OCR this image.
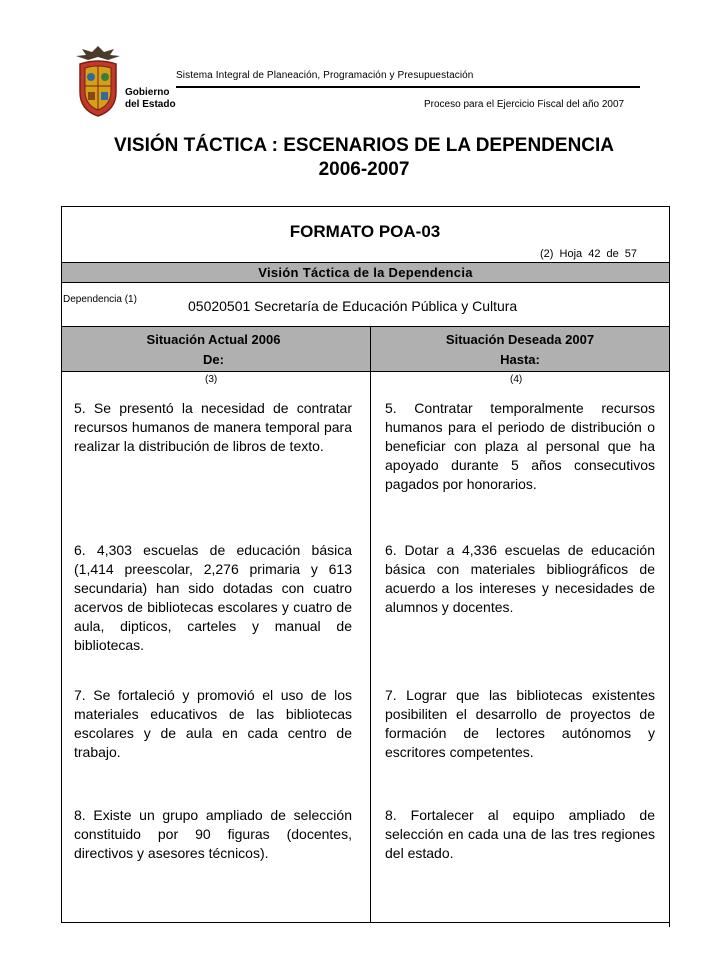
Gobierno
del Estado
Sistema Integral de Planeación, Programación y Presupuestación
Proceso para el Ejercicio Fiscal del año 2007
VISIÓN TÁCTICA : ESCENARIOS DE LA DEPENDENCIA
2006-2007
FORMATO POA-03
(2) Hoja 42 de 57
Visión Táctica de la Dependencia
Dependencia (1)	05020501 Secretaría de Educación Pública y Cultura
Situación Actual 2006
De:
Situación Deseada 2007
Hasta:
(3)	(4)
5. Se presentó la necesidad de contratar recursos humanos de manera temporal para realizar la distribución de libros de texto.
5. Contratar temporalmente recursos humanos para el periodo de distribución o beneficiar con plaza al personal que ha apoyado durante 5 años consecutivos pagados por honorarios.
6. 4,303 escuelas de educación básica (1,414 preescolar, 2,276 primaria y 613 secundaria) han sido dotadas con cuatro acervos de bibliotecas escolares y cuatro de aula, dipticos, carteles y manual de bibliotecas.
6. Dotar a 4,336 escuelas de educación básica con materiales bibliográficos de acuerdo a los intereses y necesidades de alumnos y docentes.
7. Se fortaleció y promovió el uso de los materiales educativos de las bibliotecas escolares y de aula en cada centro de trabajo.
7. Lograr que las bibliotecas existentes posibiliten el desarrollo de proyectos de formación de lectores autónomos y escritores competentes.
8. Existe un grupo ampliado de selección constituido por 90 figuras (docentes, directivos y asesores técnicos).
8. Fortalecer al equipo ampliado de selección en cada una de las tres regiones del estado.
